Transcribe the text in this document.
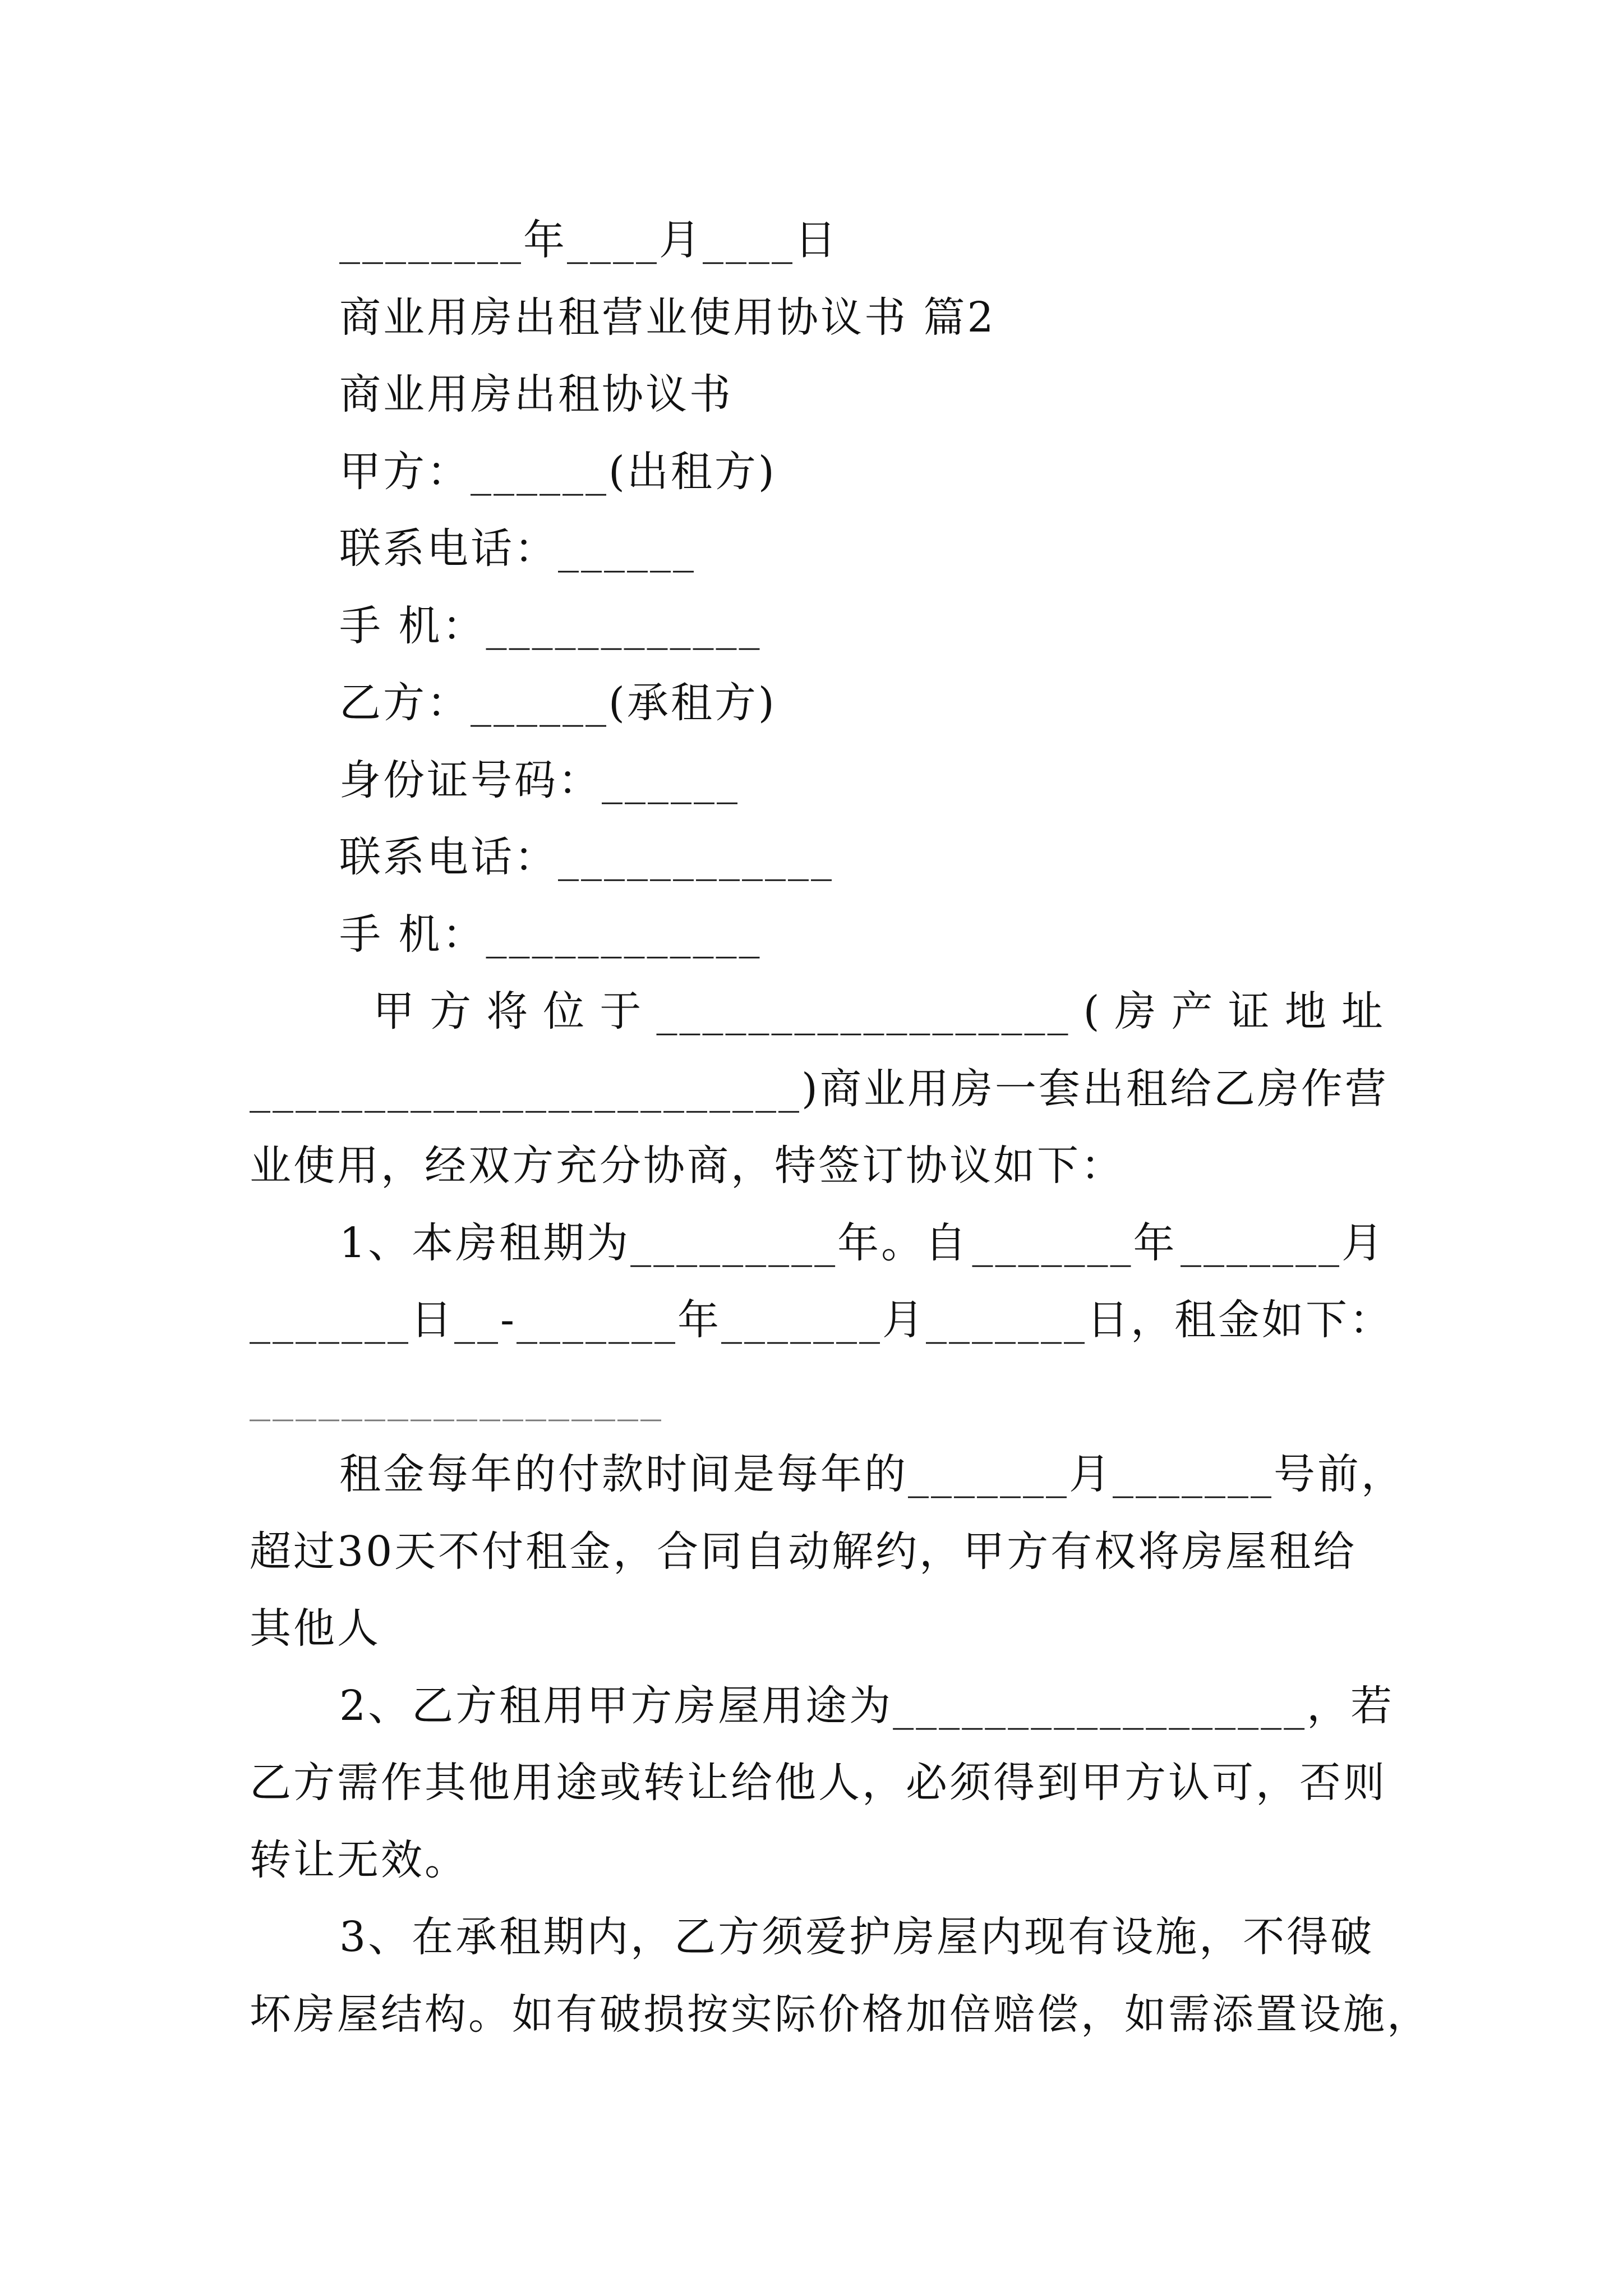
________年____月____日

商业用房出租营业使用协议书 篇2

商业用房出租协议书

甲方：______(出租方)

联系电话：______

手 机：____________

乙方：______(承租方)

身份证号码：______

联系电话：____________

手 机：____________

甲 方 将 位 于 __________________ ( 房 产 证 地 址

________________________)商业用房一套出租给乙房作营

业使用，经双方充分协商，特签订协议如下：

1、本房租期为_________年。自 _______年 _______月
_______日__- _______年 _______月_______日，租金如下：

__________________

租金每年的付款时间是每年的 _______月_______号前，

超过30天不付租金，合同自动解约，甲方有权将房屋租给

其他人

2、乙方租用甲方房屋用途为__________________ ，若

乙方需作其他用途或转让给他人，必须得到甲方认可，否则

转让无效。

3、在承租期内，乙方须爱护房屋内现有设施，不得破

坏房屋结构。如有破损按实际价格加倍赔偿，如需添置设施，
